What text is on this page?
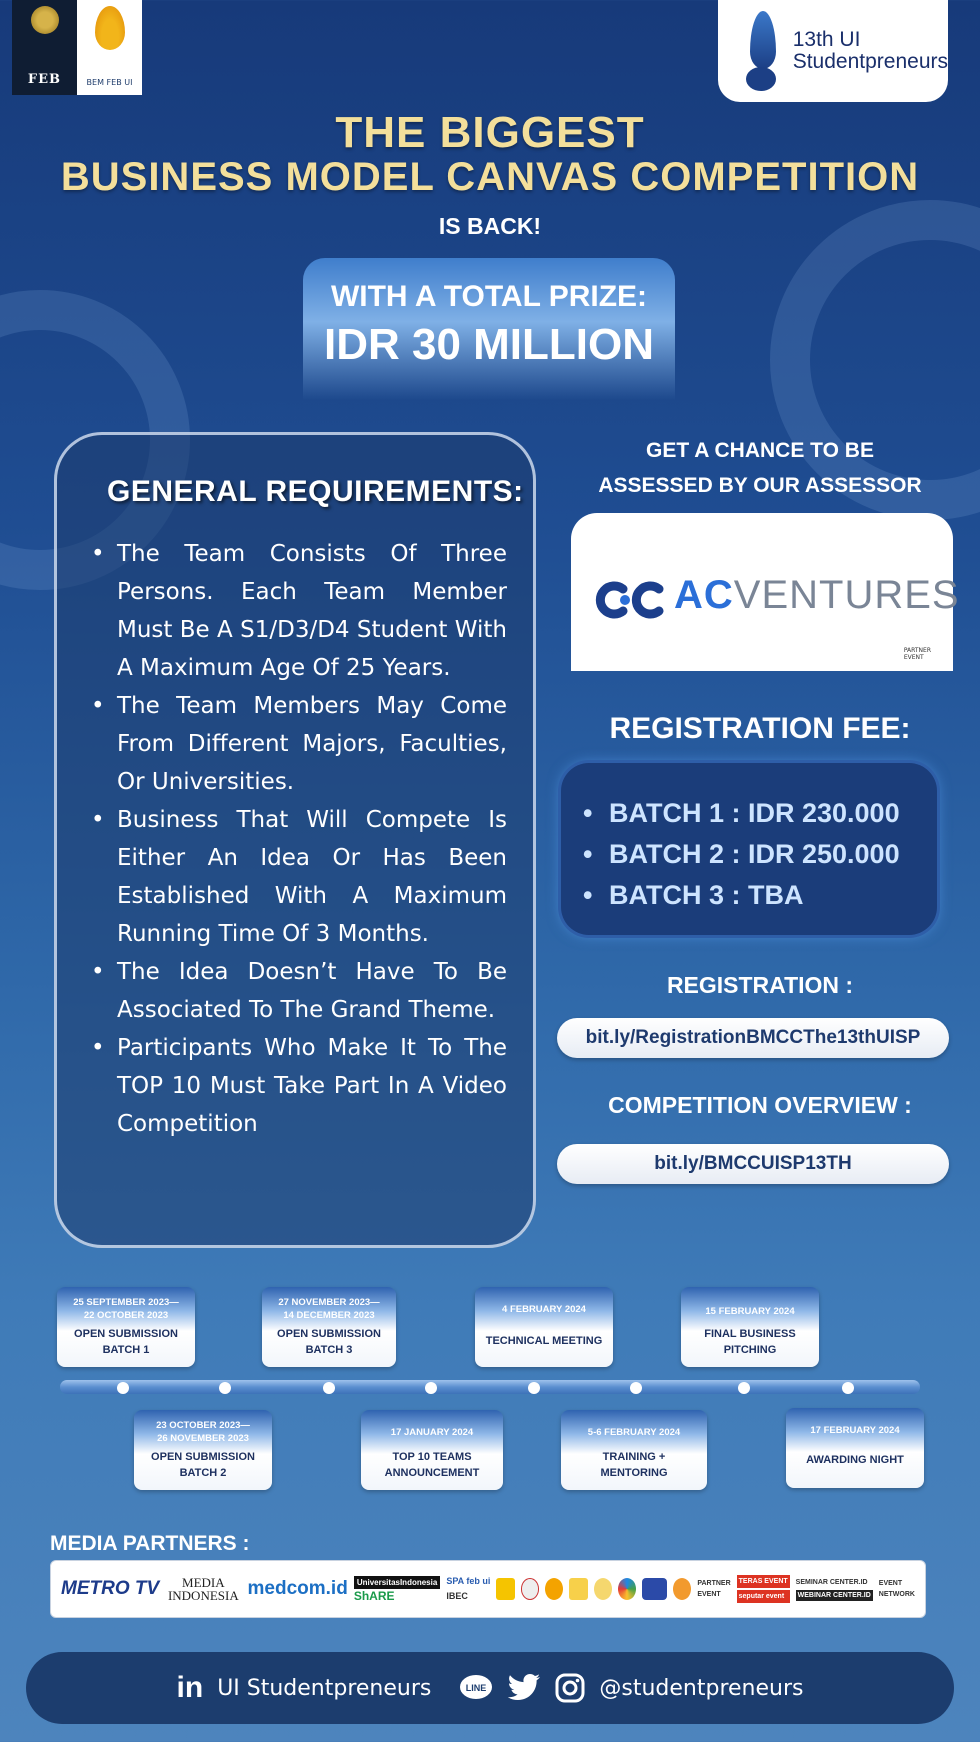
FEB	BEM FEB UI
13th UI
Studentpreneurs
THE BIGGEST
BUSINESS MODEL CANVAS COMPETITION
IS BACK!
WITH A TOTAL PRIZE:
IDR 30 MILLION
GENERAL REQUIREMENTS:
• The Team Consists Of Three Persons. Each Team Member Must Be A S1/D3/D4 Student With A Maximum Age Of 25 Years.
• The Team Members May Come From Different Majors, Faculties, Or Universities.
• Business That Will Compete Is Either An Idea Or Has Been Established With A Maximum Running Time Of 3 Months.
• The Idea Doesn’t Have To Be Associated To The Grand Theme.
• Participants Who Make It To The TOP 10 Must Take Part In A Video Competition
GET A CHANCE TO BE
ASSESSED BY OUR ASSESSOR
ACVENTURES
PARTNER
EVENT
REGISTRATION FEE:
• BATCH 1 : IDR 230.000
• BATCH 2 : IDR 250.000
• BATCH 3 : TBA
REGISTRATION :
bit.ly/RegistrationBMCCThe13thUISP
COMPETITION OVERVIEW :
bit.ly/BMCCUISP13TH
25 SEPTEMBER 2023—
22 OCTOBER 2023
OPEN SUBMISSION
BATCH 1
27 NOVEMBER 2023—
14 DECEMBER 2023
OPEN SUBMISSION
BATCH 3
4 FEBRUARY 2024
TECHNICAL MEETING
15 FEBRUARY 2024
FINAL BUSINESS
PITCHING
23 OCTOBER 2023—
26 NOVEMBER 2023
OPEN SUBMISSION
BATCH 2
17 JANUARY 2024
TOP 10 TEAMS
ANNOUNCEMENT
5-6 FEBRUARY 2024
TRAINING +
MENTORING
17 FEBRUARY 2024
AWARDING NIGHT
MEDIA PARTNERS :
METRO TV	MEDIA INDONESIA medcom.id	UniversitasIndonesia
ShARE
SPA feb ui
IBEC
PARTNER EVENT
TERAS EVENT
seputar event
SEMINAR CENTER.ID
WEBINAR CENTER.ID
EVENT NETWORK
in UI Studentpreneurs	LINE	@studentpreneurs
